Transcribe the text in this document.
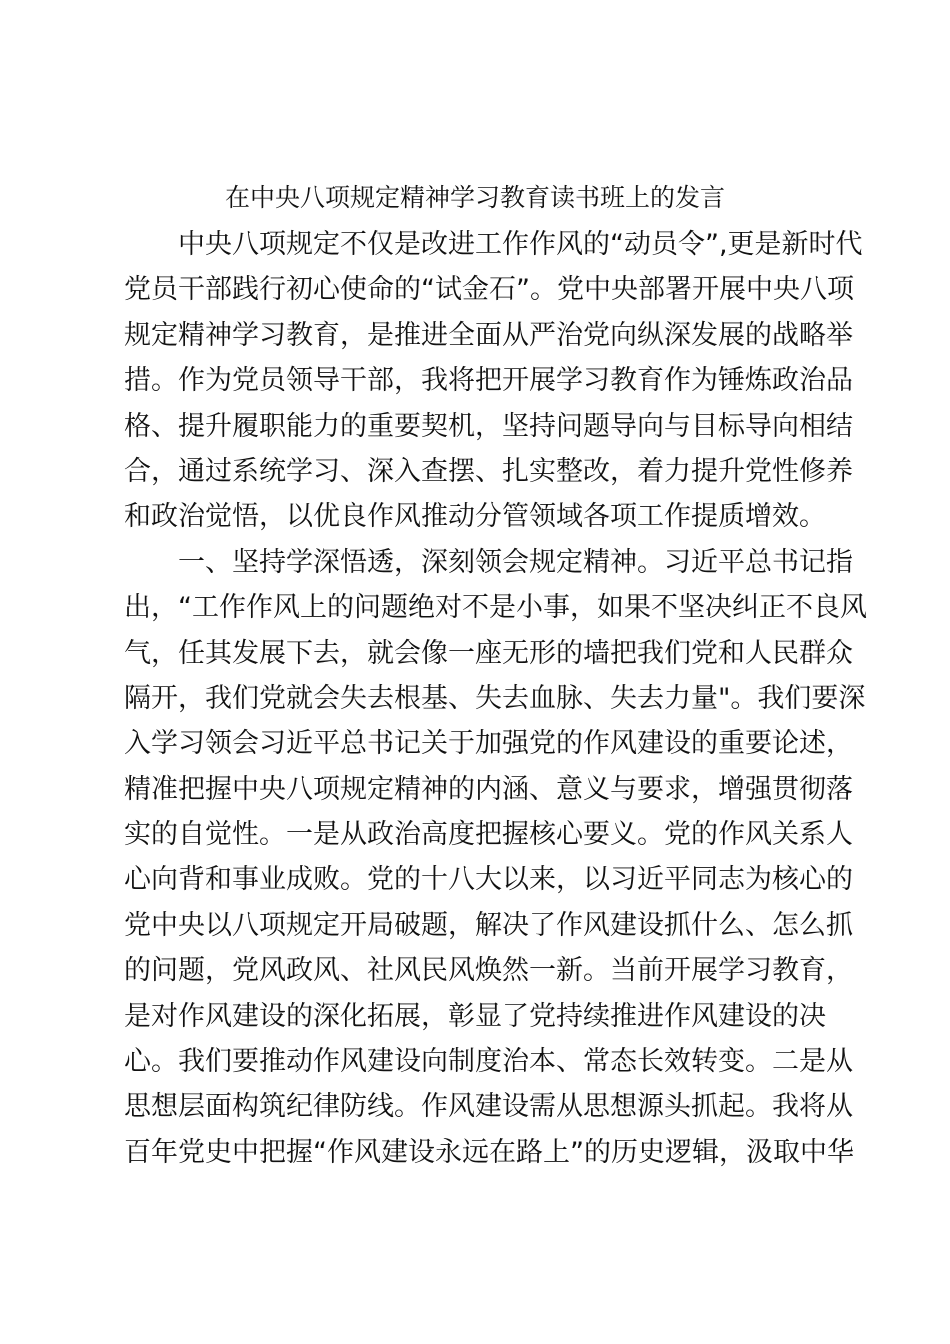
在中央八项规定精神学习教育读书班上的发言
中央八项规定不仅是改进工作作风的“动员令”,更是新时代
党员干部践行初心使命的“试金石”。党中央部署开展中央八项
规定精神学习教育，是推进全面从严治党向纵深发展的战略举
措。作为党员领导干部，我将把开展学习教育作为锤炼政治品
格、提升履职能力的重要契机，坚持问题导向与目标导向相结
合，通过系统学习、深入查摆、扎实整改，着力提升党性修养
和政治觉悟，以优良作风推动分管领域各项工作提质增效。
一、坚持学深悟透，深刻领会规定精神。习近平总书记指
出，“工作作风上的问题绝对不是小事，如果不坚决纠正不良风
气，任其发展下去，就会像一座无形的墙把我们党和人民群众
隔开，我们党就会失去根基、失去血脉、失去力量"。我们要深
入学习领会习近平总书记关于加强党的作风建设的重要论述，
精准把握中央八项规定精神的内涵、意义与要求，增强贯彻落
实的自觉性。一是从政治高度把握核心要义。党的作风关系人
心向背和事业成败。党的十八大以来，以习近平同志为核心的
党中央以八项规定开局破题，解决了作风建设抓什么、怎么抓
的问题，党风政风、社风民风焕然一新。当前开展学习教育，
是对作风建设的深化拓展，彰显了党持续推进作风建设的决
心。我们要推动作风建设向制度治本、常态长效转变。二是从
思想层面构筑纪律防线。作风建设需从思想源头抓起。我将从
百年党史中把握“作风建设永远在路上”的历史逻辑，汲取中华
